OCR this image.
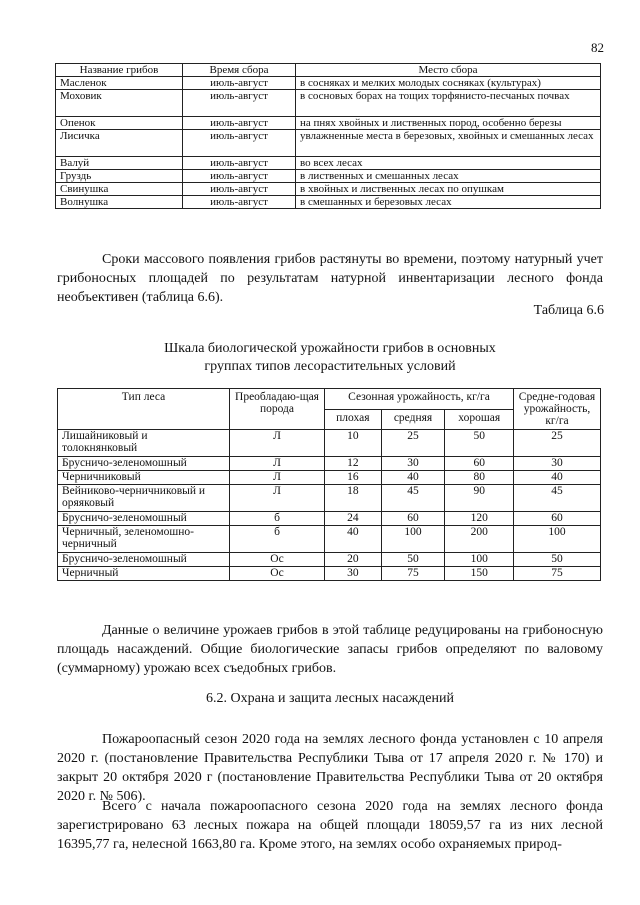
82
Название грибов	Время сбора	Место сбора
Масленок	июль-август	в сосняках и мелких молодых сосняках (культурах)
Моховик	июль-август	в сосновых борах на тощих торфянисто-песчаных почвах
Опенок	июль-август	на пнях хвойных и лиственных пород, особенно березы
Лисичка	июль-август	увлажненные места в березовых, хвойных и смешанных лесах
Валуй	июль-август	во всех лесах
Груздь	июль-август	в лиственных и смешанных лесах
Свинушка	июль-август	в хвойных и лиственных лесах по опушкам
Волнушка	июль-август	в смешанных и березовых лесах

Сроки массового появления грибов растянуты во времени, поэтому натурный учет грибоносных площадей по результатам натурной инвентаризации лесного фонда необъективен (таблица 6.6).

Таблица 6.6
Шкала биологической урожайности грибов в основных
группах типов лесорастительных условий
Тип леса	Преобладаю-щая порода	Сезонная урожайность, кг/га			Средне-годовая урожайность, кг/га
		плохая	средняя	хорошая	
Лишайниковый и толокнянковый	Л	10	25	50	25
Брусничо-зеленомошный	Л	12	30	60	30
Черничниковый	Л	16	40	80	40
Вейниково-черничниковый и оряяковый	Л	18	45	90	45
Брусничо-зеленомошный	б	24	60	120	60
Черничный, зеленомошно-черничный	б	40	100	200	100
Брусничо-зеленомошный	Ос	20	50	100	50
Черничный	Ос	30	75	150	75

Данные о величине урожаев грибов в этой таблице редуцированы на грибоносную площадь насаждений. Общие биологические запасы грибов определяют по валовому (суммарному) урожаю всех съедобных грибов.

6.2. Охрана и защита лесных насаждений

Пожароопасный сезон 2020 года на землях лесного фонда установлен с 10 апреля 2020 г. (постановление Правительства Республики Тыва от 17 апреля 2020 г. № 170) и закрыт 20 октября 2020 г (постановление Правительства Республики Тыва от 20 октября 2020 г. № 506).

Всего с начала пожароопасного сезона 2020 года на землях лесного фонда зарегистрировано 63 лесных пожара на общей площади 18059,57 га из них лесной 16395,77 га, нелесной 1663,80 га. Кроме этого, на землях особо охраняемых природ-
